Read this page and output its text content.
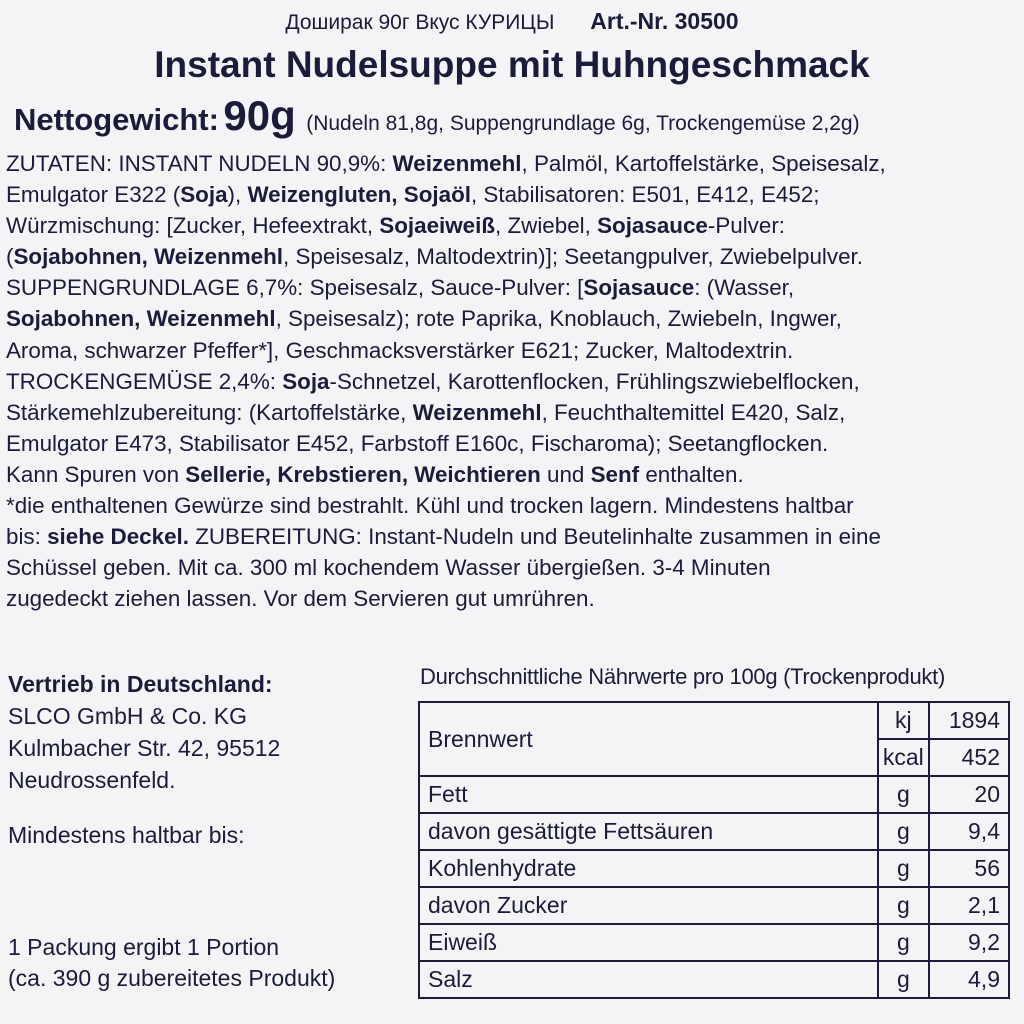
Доширак 90г Вкус КУРИЦЫ Art.-Nr. 30500
Instant Nudelsuppe mit Huhngeschmack
Nettogewicht: 90g (Nudeln 81,8g, Suppengrundlage 6g, Trockengemüse 2,2g)
ZUTATEN: INSTANT NUDELN 90,9%: Weizenmehl, Palmöl, Kartoffelstärke, Speisesalz,
Emulgator E322 (Soja), Weizengluten, Sojaöl, Stabilisatoren: E501, E412, E452;
Würzmischung: [Zucker, Hefeextrakt, Sojaeiweiß, Zwiebel, Sojasauce-Pulver:
(Sojabohnen, Weizenmehl, Speisesalz, Maltodextrin)]; Seetangpulver, Zwiebelpulver.
SUPPENGRUNDLAGE 6,7%: Speisesalz, Sauce-Pulver: [Sojasauce: (Wasser,
Sojabohnen, Weizenmehl, Speisesalz); rote Paprika, Knoblauch, Zwiebeln, Ingwer,
Aroma, schwarzer Pfeffer*], Geschmacksverstärker E621; Zucker, Maltodextrin.
TROCKENGEMÜSE 2,4%: Soja-Schnetzel, Karottenflocken, Frühlingszwiebelflocken,
Stärkemehlzubereitung: (Kartoffelstärke, Weizenmehl, Feuchthaltemittel E420, Salz,
Emulgator E473, Stabilisator E452, Farbstoff E160c, Fischaroma); Seetangflocken.
Kann Spuren von Sellerie, Krebstieren, Weichtieren und Senf enthalten.
*die enthaltenen Gewürze sind bestrahlt. Kühl und trocken lagern. Mindestens haltbar
bis: siehe Deckel. ZUBEREITUNG: Instant-Nudeln und Beutelinhalte zusammen in eine
Schüssel geben. Mit ca. 300 ml kochendem Wasser übergießen. 3-4 Minuten
zugedeckt ziehen lassen. Vor dem Servieren gut umrühren.
Vertrieb in Deutschland:
SLCO GmbH & Co. KG
Kulmbacher Str. 42, 95512
Neudrossenfeld.
Mindestens haltbar bis:
1 Packung ergibt 1 Portion
(ca. 390 g zubereitetes Produkt)
Durchschnittliche Nährwerte pro 100g (Trockenprodukt)
Brennwert	kj	1894
	kcal	452
Fett	g	20
davon gesättigte Fettsäuren	g	9,4
Kohlenhydrate	g	56
davon Zucker	g	2,1
Eiweiß	g	9,2
Salz	g	4,9
